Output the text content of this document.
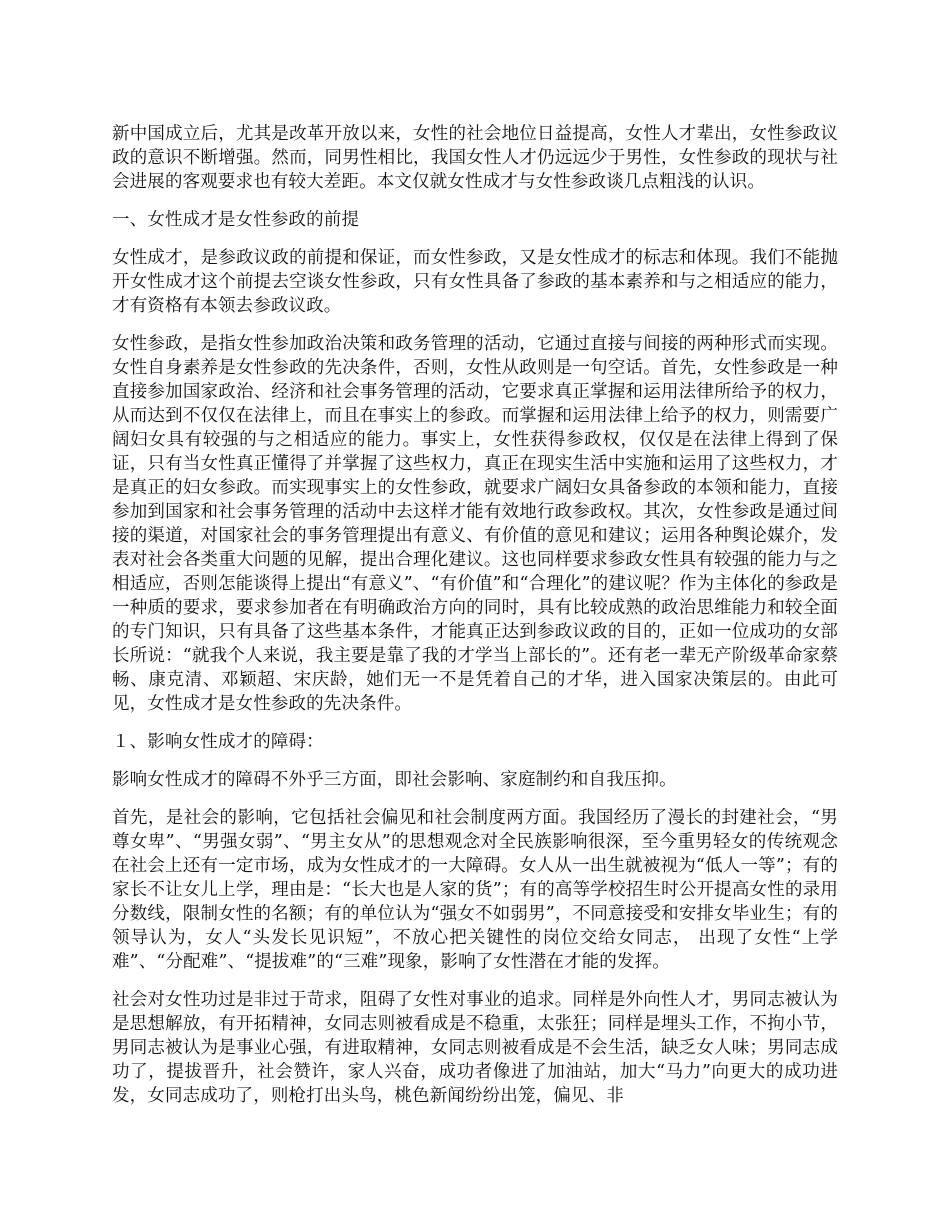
新中国成立后，尤其是改革开放以来，女性的社会地位日益提高，女性人才辈出，女性参政议政的意识不断增强。然而，同男性相比，我国女性人才仍远远少于男性，女性参政的现状与社会进展的客观要求也有较大差距。本文仅就女性成才与女性参政谈几点粗浅的认识。

一、女性成才是女性参政的前提

女性成才，是参政议政的前提和保证，而女性参政，又是女性成才的标志和体现。我们不能抛开女性成才这个前提去空谈女性参政，只有女性具备了参政的基本素养和与之相适应的能力，才有资格有本领去参政议政。

女性参政，是指女性参加政治决策和政务管理的活动，它通过直接与间接的两种形式而实现。女性自身素养是女性参政的先决条件，否则，女性从政则是一句空话。首先，女性参政是一种直接参加国家政治、经济和社会事务管理的活动，它要求真正掌握和运用法律所给予的权力，从而达到不仅仅在法律上，而且在事实上的参政。而掌握和运用法律上给予的权力，则需要广阔妇女具有较强的与之相适应的能力。事实上，女性获得参政权，仅仅是在法律上得到了保证，只有当女性真正懂得了并掌握了这些权力，真正在现实生活中实施和运用了这些权力，才是真正的妇女参政。而实现事实上的女性参政，就要求广阔妇女具备参政的本领和能力，直接参加到国家和社会事务管理的活动中去这样才能有效地行政参政权。其次，女性参政是通过间接的渠道，对国家社会的事务管理提出有意义、有价值的意见和建议；运用各种舆论媒介，发表对社会各类重大问题的见解，提出合理化建议。这也同样要求参政女性具有较强的能力与之相适应，否则怎能谈得上提出“有意义”、“有价值”和“合理化”的建议呢？作为主体化的参政是一种质的要求，要求参加者在有明确政治方向的同时，具有比较成熟的政治思维能力和较全面的专门知识，只有具备了这些基本条件，才能真正达到参政议政的目的，正如一位成功的女部长所说：“就我个人来说，我主要是靠了我的才学当上部长的”。还有老一辈无产阶级革命家蔡畅、康克清、邓颖超、宋庆龄，她们无一不是凭着自己的才华，进入国家决策层的。由此可见，女性成才是女性参政的先决条件。

１、影响女性成才的障碍：

影响女性成才的障碍不外乎三方面，即社会影响、家庭制约和自我压抑。

首先，是社会的影响，它包括社会偏见和社会制度两方面。我国经历了漫长的封建社会，“男尊女卑”、“男强女弱”、“男主女从”的思想观念对全民族影响很深，至今重男轻女的传统观念在社会上还有一定市场，成为女性成才的一大障碍。女人从一出生就被视为“低人一等”；有的家长不让女儿上学，理由是：“长大也是人家的货”；有的高等学校招生时公开提高女性的录用分数线，限制女性的名额；有的单位认为“强女不如弱男”，不同意接受和安排女毕业生；有的领导认为，女人“头发长见识短”，不放心把关键性的岗位交给女同志， 出现了女性“上学难”、“分配难”、“提拔难”的“三难”现象，影响了女性潜在才能的发挥。

社会对女性功过是非过于苛求，阻碍了女性对事业的追求。同样是外向性人才，男同志被认为是思想解放，有开拓精神，女同志则被看成是不稳重，太张狂；同样是埋头工作，不拘小节，男同志被认为是事业心强，有进取精神，女同志则被看成是不会生活，缺乏女人味；男同志成功了，提拔晋升，社会赞许，家人兴奋，成功者像进了加油站，加大“马力”向更大的成功进发，女同志成功了，则枪打出头鸟，桃色新闻纷纷出笼，偏见、非
